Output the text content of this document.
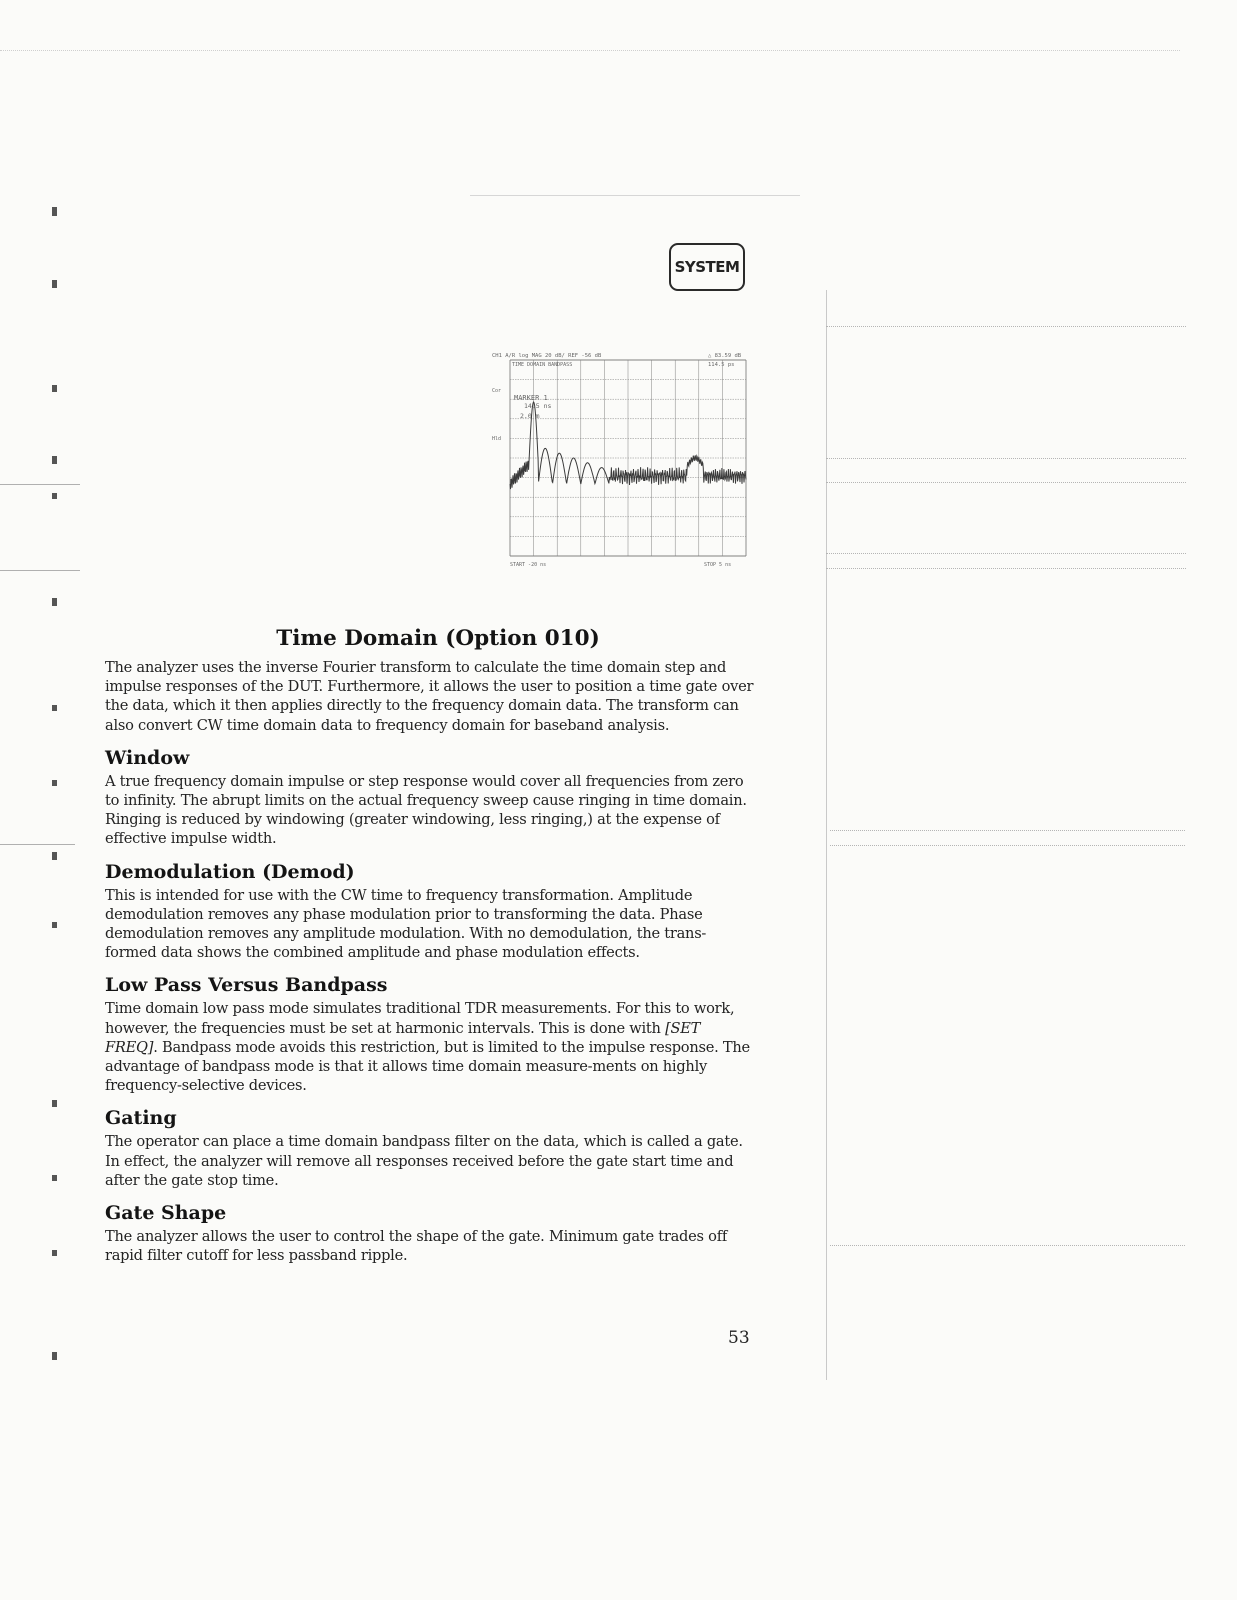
SYSTEM
CH1 A/R log MAG 20 dB/ REF -56 dB	△ 83.59 dB
114.5 ps
TIME DOMAIN BANDPASS
Cor
Hld
MARKER 1
14.5 ns
2.0 m
START -20 ns	STOP 5 ns
Time Domain (Option 010)

The analyzer uses the inverse Fourier transform to calculate the time domain step and impulse responses of the DUT. Furthermore, it allows the user to position a time gate over the data, which it then applies directly to the frequency domain data. The transform can also convert CW time domain data to frequency domain for baseband analysis.

Window

A true frequency domain impulse or step response would cover all frequencies from zero to infinity. The abrupt limits on the actual frequency sweep cause ringing in time domain. Ringing is reduced by windowing (greater windowing, less ringing,) at the expense of effective impulse width.

Demodulation (Demod)

This is intended for use with the CW time to frequency transformation. Amplitude demodulation removes any phase modulation prior to transforming the data. Phase demodulation removes any amplitude modulation. With no demodulation, the trans-formed data shows the combined amplitude and phase modulation effects.

Low Pass Versus Bandpass

Time domain low pass mode simulates traditional TDR measurements. For this to work, however, the frequencies must be set at harmonic intervals. This is done with [SET FREQ]. Bandpass mode avoids this restriction, but is limited to the impulse response. The advantage of bandpass mode is that it allows time domain measure-ments on highly frequency-selective devices.

Gating

The operator can place a time domain bandpass filter on the data, which is called a gate. In effect, the analyzer will remove all responses received before the gate start time and after the gate stop time.

Gate Shape

The analyzer allows the user to control the shape of the gate. Minimum gate trades off rapid filter cutoff for less passband ripple.

53
